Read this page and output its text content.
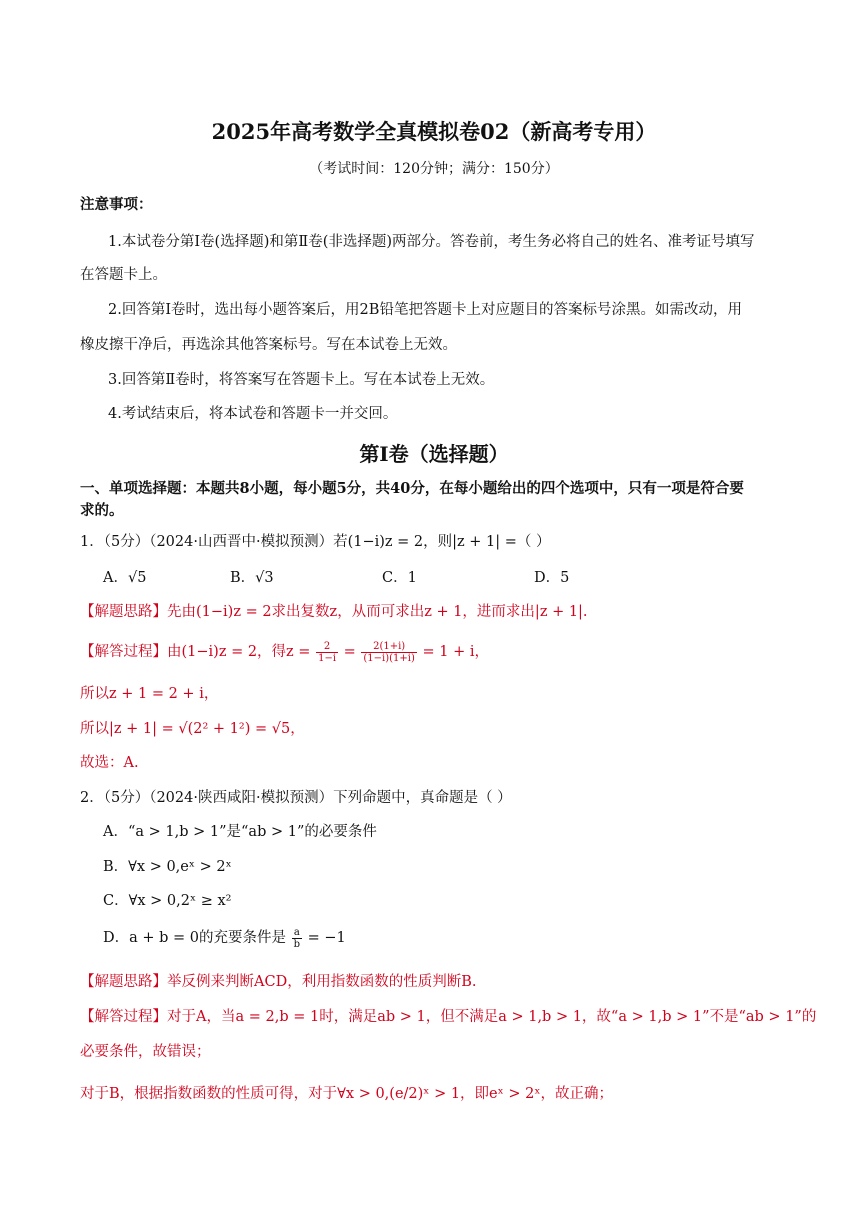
2025年高考数学全真模拟卷02（新高考专用）
（考试时间：120分钟；满分：150分）
注意事项：
1.本试卷分第Ⅰ卷(选择题)和第Ⅱ卷(非选择题)两部分。答卷前，考生务必将自己的姓名、准考证号填写
在答题卡上。
2.回答第Ⅰ卷时，选出每小题答案后，用2B铅笔把答题卡上对应题目的答案标号涂黑。如需改动，用
橡皮擦干净后，再选涂其他答案标号。写在本试卷上无效。
3.回答第Ⅱ卷时，将答案写在答题卡上。写在本试卷上无效。
4.考试结束后，将本试卷和答题卡一并交回。
第Ⅰ卷（选择题）
一、单项选择题：本题共8小题，每小题5分，共40分，在每小题给出的四个选项中，只有一项是符合要
求的。
1．（5分）（2024·山西晋中·模拟预测）若(1−i)z = 2，则|z + 1| =（ ）
A．√5	B．√3	C．1	D．5
【解题思路】先由(1−i)z = 2求出复数z，从而可求出z + 1，进而求出|z + 1|.
【解答过程】由(1−i)z = 2，得$z = \frac{2}{1-i} = \frac{2(1+i)}{(1-i)(1+i)} = 1 + i$，
所以z + 1 = 2 + i，
所以|z + 1| = √(2² + 1²) = √5，
故选：A.
2．（5分）（2024·陕西咸阳·模拟预测）下列命题中，真命题是（ ）
A．“a > 1,b > 1”是“ab > 1”的必要条件
B．∀x > 0,eˣ > 2ˣ
C．∀x > 0,2ˣ ≥ x²
D．a + b = 0的充要条件是 $\frac{a}{b} = -1$
【解题思路】举反例来判断ACD，利用指数函数的性质判断B.
【解答过程】对于A，当a = 2,b = 1时，满足ab > 1，但不满足a > 1,b > 1，故“a > 1,b > 1”不是“ab > 1”的
必要条件，故错误；
对于B，根据指数函数的性质可得，对于∀x > 0,(e/2)ˣ > 1，即eˣ > 2ˣ，故正确；
